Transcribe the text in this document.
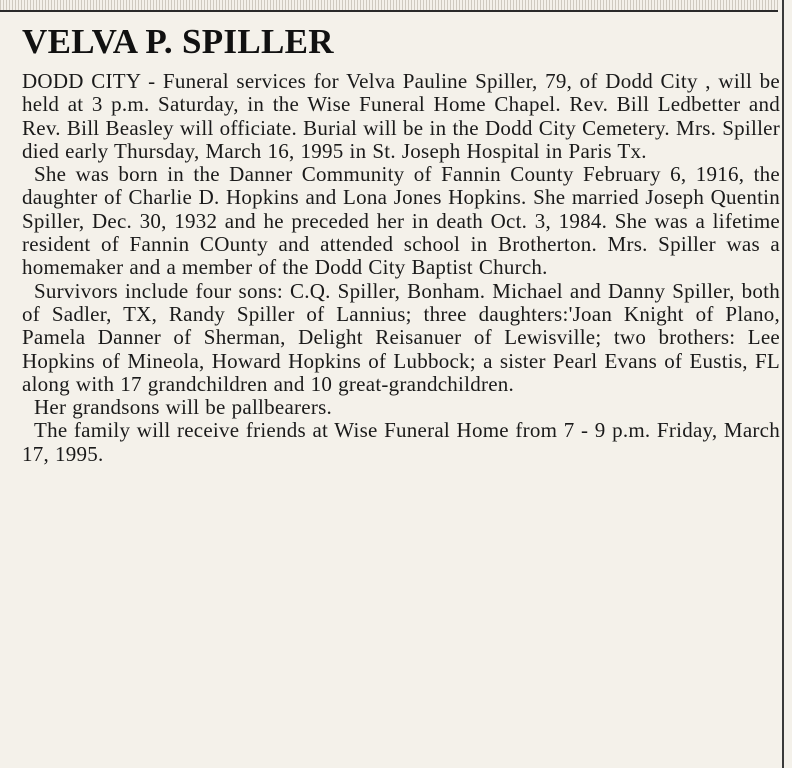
VELVA P. SPILLER

DODD CITY - Funeral services for Velva Pauline Spiller, 79, of Dodd City , will be held at 3 p.m. Saturday, in the Wise Funeral Home Chapel. Rev. Bill Ledbetter and Rev. Bill Beasley will officiate. Burial will be in the Dodd City Cemetery. Mrs. Spiller died early Thursday, March 16, 1995 in St. Joseph Hospital in Paris Tx.

She was born in the Danner Community of Fannin County February 6, 1916, the daughter of Charlie D. Hopkins and Lona Jones Hopkins. She married Joseph Quentin Spiller, Dec. 30, 1932 and he preceded her in death Oct. 3, 1984. She was a lifetime resident of Fannin COunty and attended school in Brotherton. Mrs. Spiller was a homemaker and a member of the Dodd City Baptist Church.

Survivors include four sons: C.Q. Spiller, Bonham. Michael and Danny Spiller, both of Sadler, TX, Randy Spiller of Lannius; three daughters:'Joan Knight of Plano, Pamela Danner of Sherman, Delight Reisanuer of Lewisville; two brothers: Lee Hopkins of Mineola, Howard Hopkins of Lubbock; a sister Pearl Evans of Eustis, FL along with 17 grandchildren and 10 great-grandchildren.

Her grandsons will be pallbearers.

The family will receive friends at Wise Funeral Home from 7 - 9 p.m. Friday, March 17, 1995.
